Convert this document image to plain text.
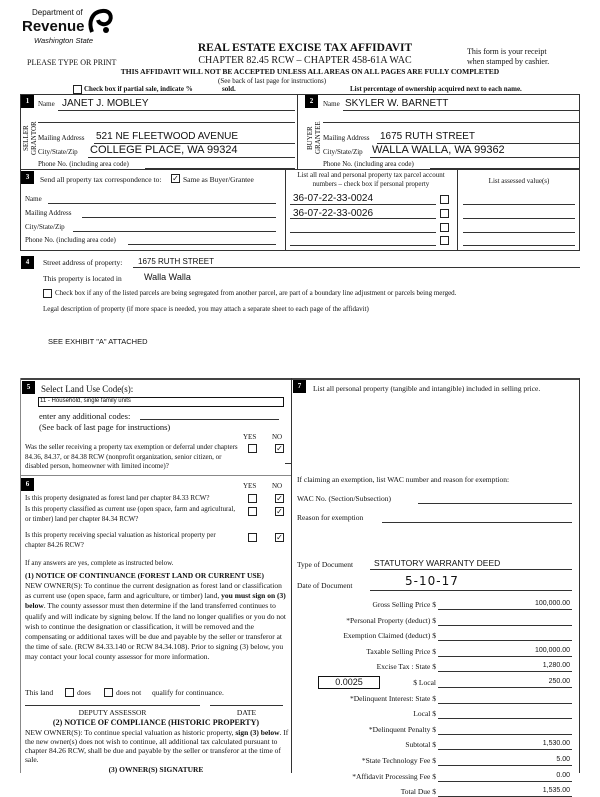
Department of
Revenue
Washington State
REAL ESTATE EXCISE TAX AFFIDAVIT
PLEASE TYPE OR PRINT	CHAPTER 82.45 RCW – CHAPTER 458-61A WAC
This form is your receipt
when stamped by cashier.
THIS AFFIDAVIT WILL NOT BE ACCEPTED UNLESS ALL AREAS ON ALL PAGES ARE FULLY COMPLETED
(See back of last page for instructions)
Check box if partial sale, indicate %	sold.	List percentage of ownership acquired next to each name.
1
SELLER GRANTOR
Name JANET J. MOBLEY
Mailing Address 521 NE FLEETWOOD AVENUE
City/State/Zip COLLEGE PLACE, WA 99324
Phone No. (including area code)
2
BUYER GRANTEE
Name SKYLER W. BARNETT
Mailing Address 1675 RUTH STREET
City/State/Zip WALLA WALLA, WA 99362
Phone No. (including area code)
3	Send all property tax correspondence to: ✓ Same as Buyer/Grantee
Name
Mailing Address
City/State/Zip
Phone No. (including area code)
List all real and personal property tax parcel account numbers – check box if personal property	List assessed value(s)
36-07-22-33-0024
36-07-22-33-0026
4	Street address of property: 1675 RUTH STREET
This property is located in Walla Walla
Check box if any of the listed parcels are being segregated from another parcel, are part of a boundary line adjustment or parcels being merged.
Legal description of property (if more space is needed, you may attach a separate sheet to each page of the affidavit)
SEE EXHIBIT "A" ATTACHED
5	Select Land Use Code(s):
11 - Household, single family units
enter any additional codes:
(See back of last page for instructions)
YES NO
Was the seller receiving a property tax exemption or deferral under chapters 84.36, 84.37, or 84.38 RCW (nonprofit organization, senior citizen, or disabled person, homeowner with limited income)?
✓
6	YES NO
Is this property designated as forest land per chapter 84.33 RCW?	✓
Is this property classified as current use (open space, farm and agricultural, or timber) land per chapter 84.34 RCW?
✓
Is this property receiving special valuation as historical property per chapter 84.26 RCW?
✓
If any answers are yes, complete as instructed below.
(1) NOTICE OF CONTINUANCE (FOREST LAND OR CURRENT USE)
NEW OWNER(S): To continue the current designation as forest land or classification as current use (open space, farm and agriculture, or timber) land, you must sign on (3) below. The county assessor must then determine if the land transferred continues to qualify and will indicate by signing below. If the land no longer qualifies or you do not wish to continue the designation or classification, it will be removed and the compensating or additional taxes will be due and payable by the seller or transferor at the time of sale. (RCW 84.33.140 or RCW 84.34.108). Prior to signing (3) below, you may contact your local county assessor for more information.
This land	does	does not qualify for continuance.
DEPUTY ASSESSOR	DATE
(2) NOTICE OF COMPLIANCE (HISTORIC PROPERTY)
NEW OWNER(S): To continue special valuation as historic property, sign (3) below. If the new owner(s) does not wish to continue, all additional tax calculated pursuant to chapter 84.26 RCW, shall be due and payable by the seller or transferor at the time of sale.
(3) OWNER(S) SIGNATURE
7	List all personal property (tangible and intangible) included in selling price.
If claiming an exemption, list WAC number and reason for exemption:
WAC No. (Section/Subsection)
Reason for exemption
Type of Document STATUTORY WARRANTY DEED
Date of Document	5-10-17
0.0025
Gross Selling Price $	100,000.00
*Personal Property (deduct) $
Exemption Claimed (deduct) $
Taxable Selling Price $	100,000.00
Excise Tax : State $	1,280.00
Local $	250.00
*Delinquent Interest: State $
Local $
*Delinquent Penalty $
Subtotal $	1,530.00
*State Technology Fee $	5.00
*Affidavit Processing Fee $	0.00
Total Due $	1,535.00
